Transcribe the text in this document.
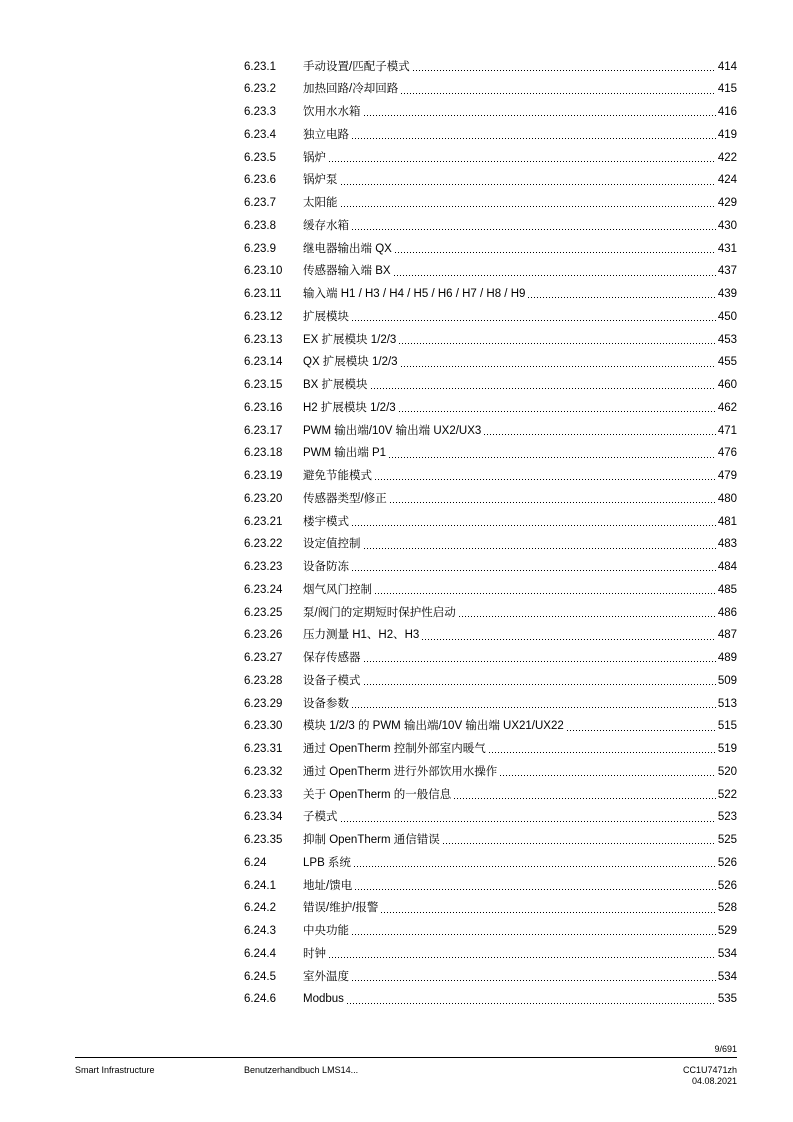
6.23.1	手动设置/匹配子模式	414
6.23.2	加热回路/冷却回路	415
6.23.3	饮用水水箱	416
6.23.4	独立电路	419
6.23.5	锅炉	422
6.23.6	锅炉泵	424
6.23.7	太阳能	429
6.23.8	缓存水箱	430
6.23.9	继电器输出端 QX	431
6.23.10	传感器输入端 BX	437
6.23.11	输入端 H1 / H3 / H4 / H5 / H6 / H7 / H8 / H9	439
6.23.12	扩展模块	450
6.23.13	EX 扩展模块 1/2/3	453
6.23.14	QX 扩展模块 1/2/3	455
6.23.15	BX 扩展模块	460
6.23.16	H2 扩展模块 1/2/3	462
6.23.17	PWM 输出端/10V 输出端 UX2/UX3	471
6.23.18	PWM 输出端 P1	476
6.23.19	避免节能模式	479
6.23.20	传感器类型/修正	480
6.23.21	楼宇模式	481
6.23.22	设定值控制	483
6.23.23	设备防冻	484
6.23.24	烟气风门控制	485
6.23.25	泵/阀门的定期短时保护性启动	486
6.23.26	压力测量 H1、H2、H3	487
6.23.27	保存传感器	489
6.23.28	设备子模式	509
6.23.29	设备参数	513
6.23.30	模块 1/2/3 的 PWM 输出端/10V 输出端 UX21/UX22	515
6.23.31	通过 OpenTherm 控制外部室内暖气	519
6.23.32	通过 OpenTherm 进行外部饮用水操作	520
6.23.33	关于 OpenTherm 的一般信息	522
6.23.34	子模式	523
6.23.35	抑制 OpenTherm 通信错误	525
6.24	LPB 系统	526
6.24.1	地址/馈电	526
6.24.2	错误/维护/报警	528
6.24.3	中央功能	529
6.24.4	时钟	534
6.24.5	室外温度	534
6.24.6	Modbus	535
9/691
Smart Infrastructure	Benutzerhandbuch LMS14...	CC1U7471zh
04.08.2021
